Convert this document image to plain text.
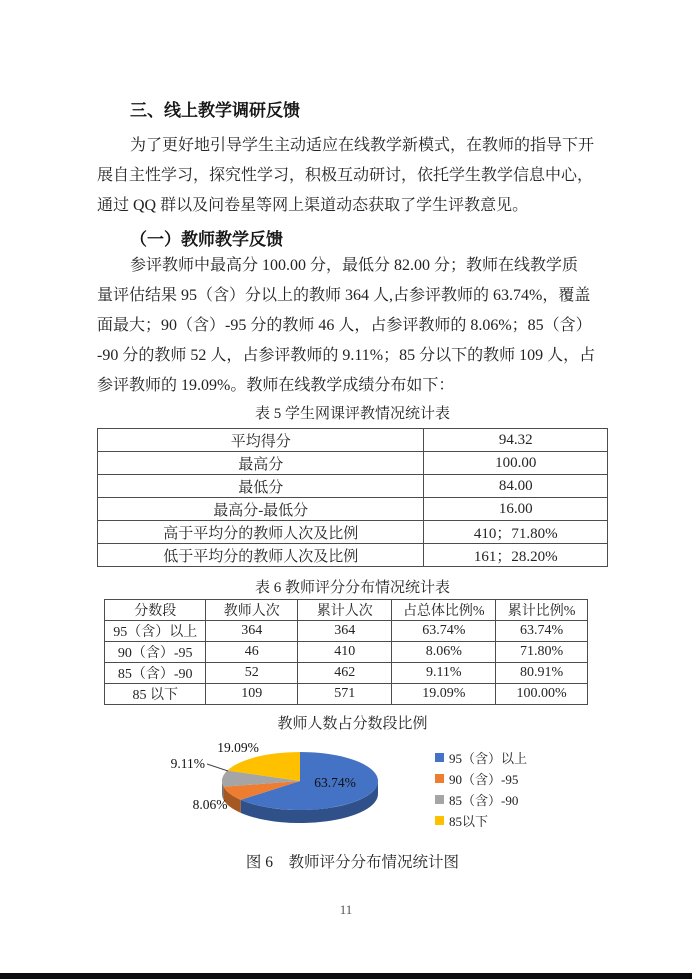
三、线上教学调研反馈
为了更好地引导学生主动适应在线教学新模式，在教师的指导下开
展自主性学习，探究性学习，积极互动研讨，依托学生教学信息中心，
通过 QQ 群以及问卷星等网上渠道动态获取了学生评教意见。
（一）教师教学反馈
参评教师中最高分 100.00 分，最低分 82.00 分；教师在线教学质
量评估结果 95（含）分以上的教师 364 人,占参评教师的 63.74%，覆盖
面最大；90（含）-95 分的教师 46 人，占参评教师的 8.06%；85（含）
-90 分的教师 52 人，占参评教师的 9.11%；85 分以下的教师 109 人，占
参评教师的 19.09%。教师在线教学成绩分布如下：
表 5 学生网课评教情况统计表
平均得分	94.32
最高分	100.00
最低分	84.00
最高分-最低分	16.00
高于平均分的教师人次及比例	410；71.80%
低于平均分的教师人次及比例	161；28.20%
表 6 教师评分分布情况统计表
分数段	教师人次	累计人次	占总体比例%	累计比例%
95（含）以上	364	364	63.74%	63.74%
90（含）-95	46	410	8.06%	71.80%
85（含）-90	52	462	9.11%	80.91%
85 以下	109	571	19.09%	100.00%
教师人数占分数段比例
63.74%
8.06%
9.11%
19.09%
95（含）以上
90（含）-95
85（含）-90
85以下
图 6　教师评分分布情况统计图
11
